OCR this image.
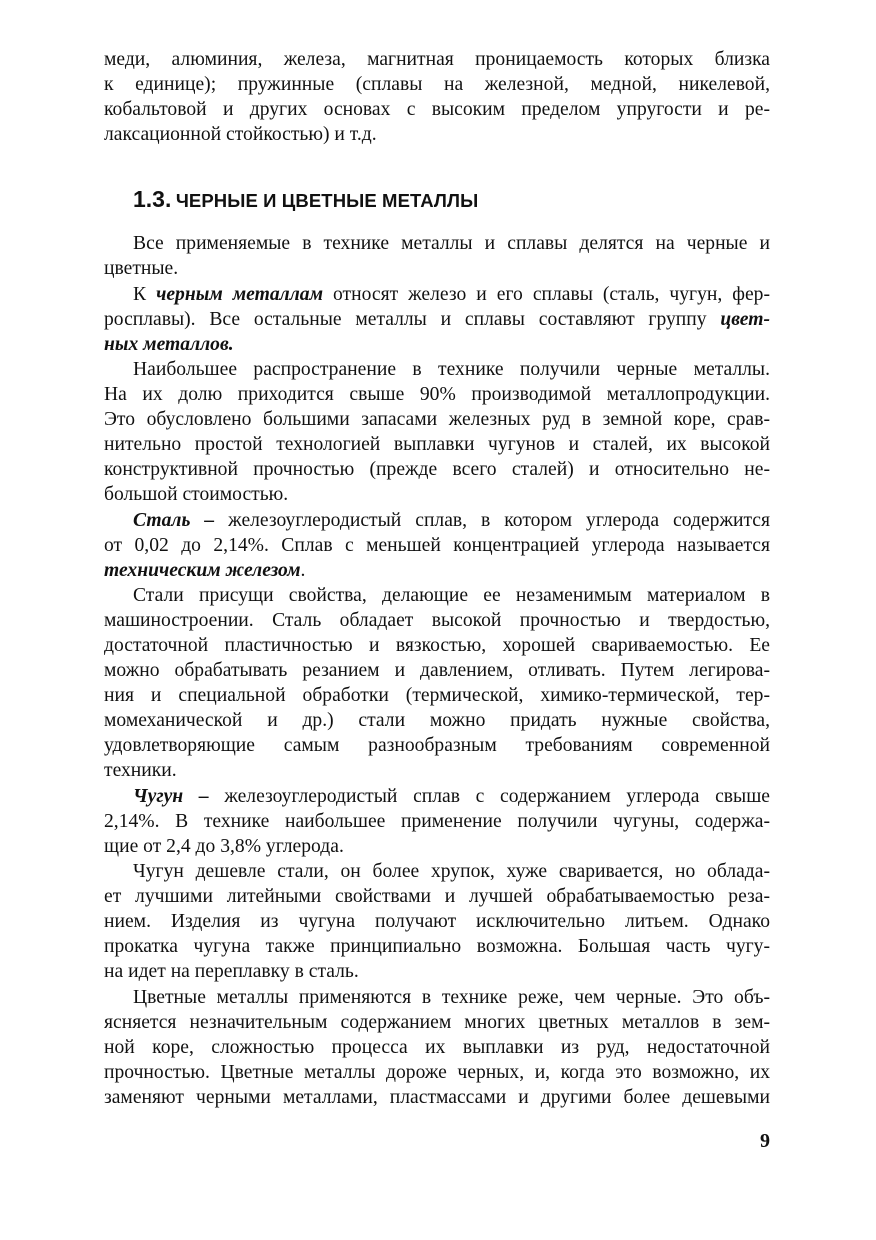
меди, алюминия, железа, магнитная проницаемость которых близка
к единице); пружинные (сплавы на железной, медной, никелевой,
кобальтовой и других основах с высоким пределом упругости и ре-
лаксационной стойкостью) и т.д.
1.3. ЧЕРНЫЕ И ЦВЕТНЫЕ МЕТАЛЛЫ
Все применяемые в технике металлы и сплавы делятся на черные и
цветные.
К черным металлам относят железо и его сплавы (сталь, чугун, фер-
росплавы). Все остальные металлы и сплавы составляют группу цвет-
ных металлов.
Наибольшее распространение в технике получили черные металлы.
На их долю приходится свыше 90% производимой металлопродукции.
Это обусловлено большими запасами железных руд в земной коре, срав-
нительно простой технологией выплавки чугунов и сталей, их высокой
конструктивной прочностью (прежде всего сталей) и относительно не-
большой стоимостью.
Сталь – железоуглеродистый сплав, в котором углерода содержится
от 0,02 до 2,14%. Сплав с меньшей концентрацией углерода называется
техническим железом.
Стали присущи свойства, делающие ее незаменимым материалом в
машиностроении. Сталь обладает высокой прочностью и твердостью,
достаточной пластичностью и вязкостью, хорошей свариваемостью. Ее
можно обрабатывать резанием и давлением, отливать. Путем легирова-
ния и специальной обработки (термической, химико-термической, тер-
момеханической и др.) стали можно придать нужные свойства,
удовлетворяющие самым разнообразным требованиям современной
техники.
Чугун – железоуглеродистый сплав с содержанием углерода свыше
2,14%. В технике наибольшее применение получили чугуны, содержа-
щие от 2,4 до 3,8% углерода.
Чугун дешевле стали, он более хрупок, хуже сваривается, но облада-
ет лучшими литейными свойствами и лучшей обрабатываемостью реза-
нием. Изделия из чугуна получают исключительно литьем. Однако
прокатка чугуна также принципиально возможна. Большая часть чугу-
на идет на переплавку в сталь.
Цветные металлы применяются в технике реже, чем черные. Это объ-
ясняется незначительным содержанием многих цветных металлов в зем-
ной коре, сложностью процесса их выплавки из руд, недостаточной
прочностью. Цветные металлы дороже черных, и, когда это возможно, их
заменяют черными металлами, пластмассами и другими более дешевыми
9
